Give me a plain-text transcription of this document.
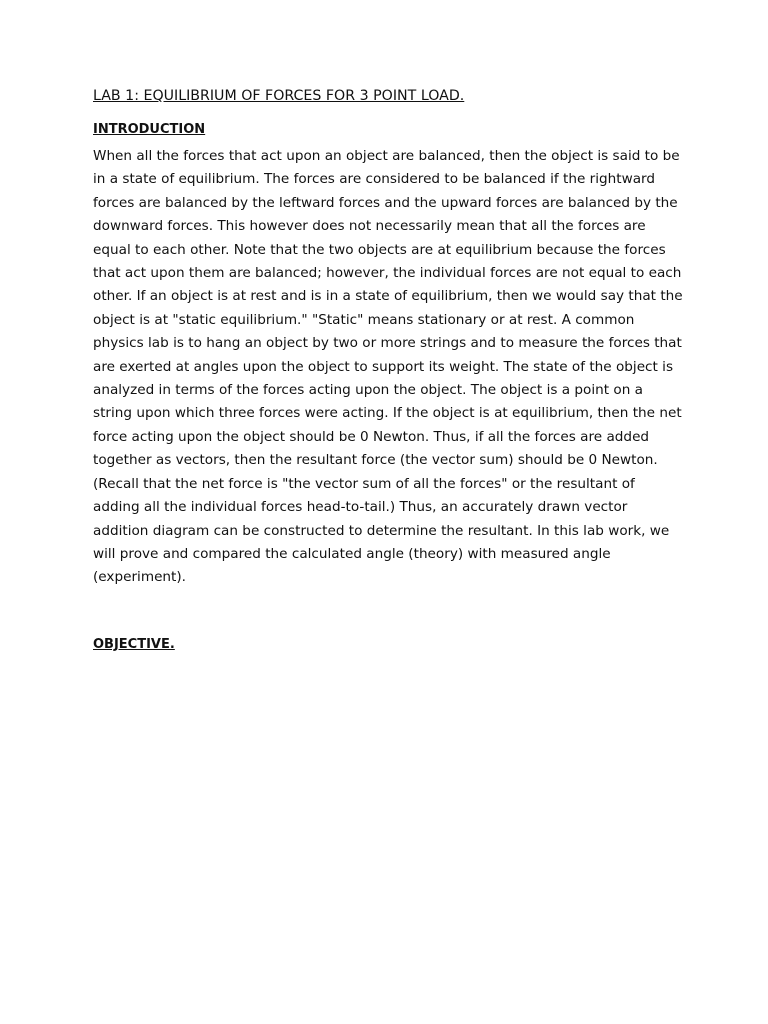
LAB 1: EQUILIBRIUM OF FORCES FOR 3 POINT LOAD.
INTRODUCTION

When all the forces that act upon an object are balanced, then the object is said to be in a state of equilibrium. The forces are considered to be balanced if the rightward forces are balanced by the leftward forces and the upward forces are balanced by the downward forces. This however does not necessarily mean that all the forces are equal to each other. Note that the two objects are at equilibrium because the forces that act upon them are balanced; however, the individual forces are not equal to each other. If an object is at rest and is in a state of equilibrium, then we would say that the object is at "static equilibrium." "Static" means stationary or at rest. A common physics lab is to hang an object by two or more strings and to measure the forces that are exerted at angles upon the object to support its weight. The state of the object is analyzed in terms of the forces acting upon the object. The object is a point on a string upon which three forces were acting. If the object is at equilibrium, then the net force acting upon the object should be 0 Newton. Thus, if all the forces are added together as vectors, then the resultant force (the vector sum) should be 0 Newton. (Recall that the net force is "the vector sum of all the forces" or the resultant of adding all the individual forces head-to-tail.) Thus, an accurately drawn vector addition diagram can be constructed to determine the resultant. In this lab work, we will prove and compared the calculated angle (theory) with measured angle (experiment).

OBJECTIVE.
